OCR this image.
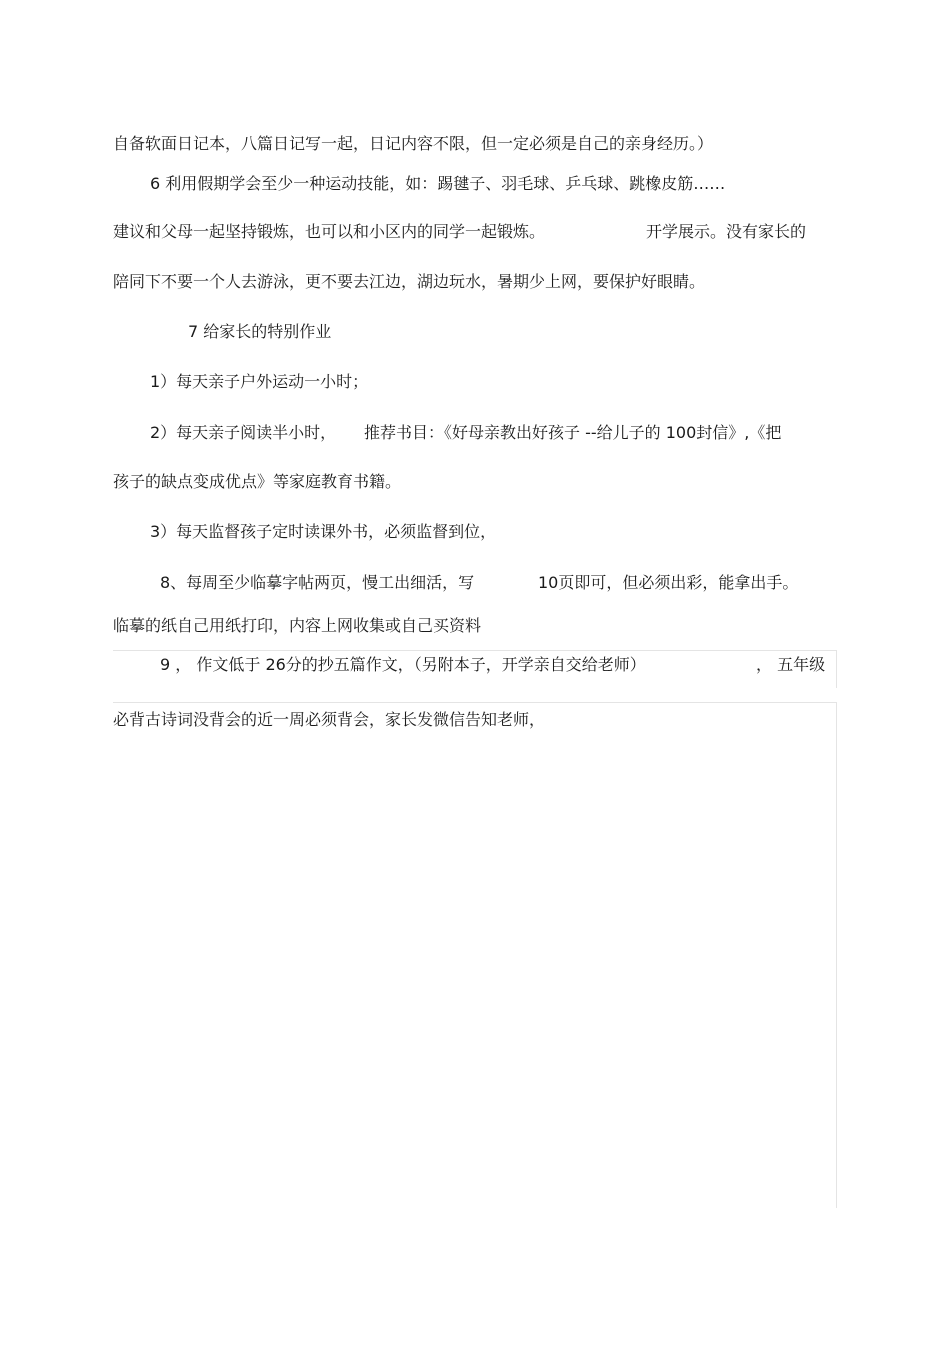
自备软面日记本，八篇日记写一起，日记内容不限，但一定必须是自己的亲身经历。）
6 利用假期学会至少一种运动技能，如：踢毽子、羽毛球、乒乓球、跳橡皮筋……
建议和父母一起坚持锻炼，也可以和小区内的同学一起锻炼。	开学展示。没有家长的
陪同下不要一个人去游泳，更不要去江边，湖边玩水，暑期少上网，要保护好眼睛。
7 给家长的特别作业
1）每天亲子户外运动一小时；
2）每天亲子阅读半小时， 推荐书目：《好母亲教出好孩子 --给儿子的 100封信》,《把
孩子的缺点变成优点》等家庭教育书籍。
3）每天监督孩子定时读课外书，必须监督到位，
8、每周至少临摹字帖两页，慢工出细活，写	10页即可，但必须出彩，能拿出手。
临摹的纸自己用纸打印，内容上网收集或自己买资料
9 ， 作文低于 26分的抄五篇作文，（另附本子，开学亲自交给老师）	， 五年级
必背古诗词没背会的近一周必须背会，家长发微信告知老师，
